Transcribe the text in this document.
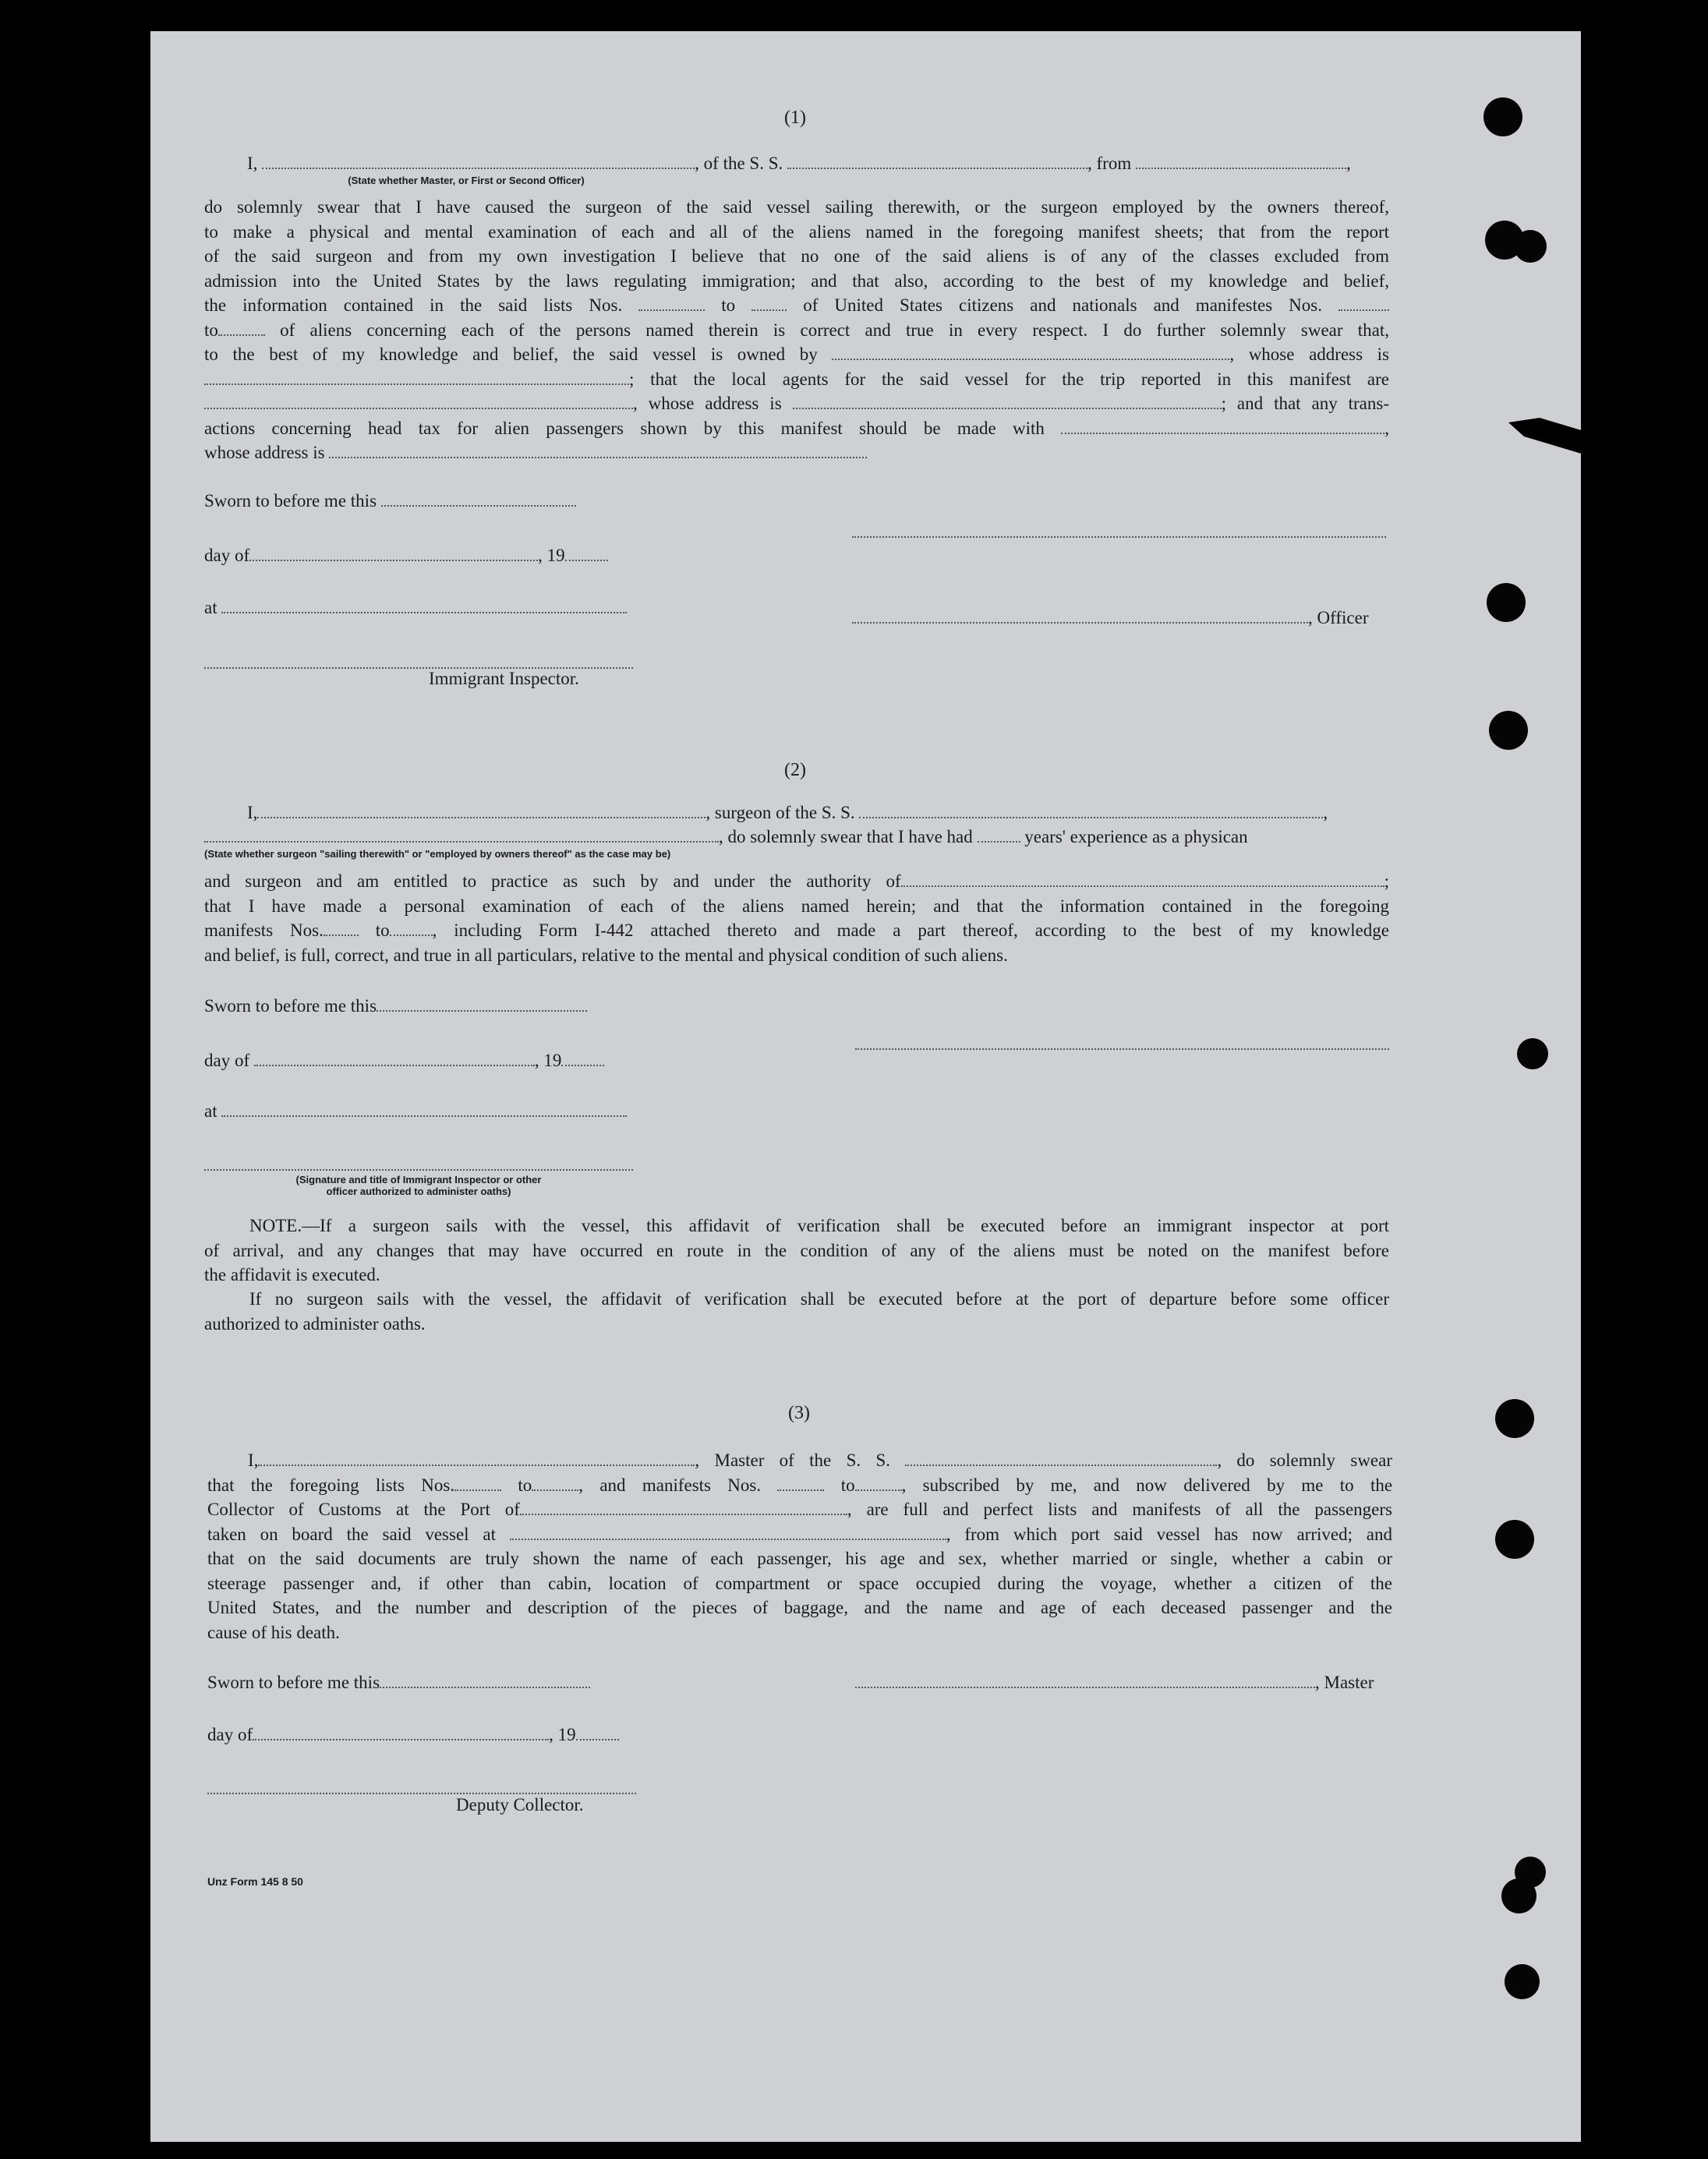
(1)
I,	, of the S. S.	, from	,
(State whether Master, or First or Second Officer)
do solemnly swear that I have caused the surgeon of the said vessel sailing therewith, or the surgeon employed by the owners thereof,
to make a physical and mental examination of each and all of the aliens named in the foregoing manifest sheets; that from the report
of the said surgeon and from my own investigation I believe that no one of the said aliens is of any of the classes excluded from
admission into the United States by the laws regulating immigration; and that also, according to the best of my knowledge and belief,
the information contained in the said lists Nos.	to	of United States citizens and nationals and manifestes Nos.
to	of aliens concerning each of the persons named therein is correct and true in every respect. I do further solemnly swear that,
to the best of my knowledge and belief, the said vessel is owned by	, whose address is
; that the local agents for the said vessel for the trip reported in this manifest are
, whose address is	; and that any trans-
actions concerning head tax for alien passengers shown by this manifest should be made with	,
whose address is
Sworn to before me this
day of	, 19
at
, Officer
Immigrant Inspector.
(2)
I,	, surgeon of the S. S.	,
, do solemnly swear that I have had	years' experience as a physican
(State whether surgeon "sailing therewith" or "employed by owners thereof" as the case may be)
and surgeon and am entitled to practice as such by and under the authority of	;
that I have made a personal examination of each of the aliens named herein; and that the information contained in the foregoing
manifests Nos.	to , including Form I-442 attached thereto and made a part thereof, according to the best of my knowledge
and belief, is full, correct, and true in all particulars, relative to the mental and physical condition of such aliens.
Sworn to before me this
day of	, 19
at
(Signature and title of Immigrant Inspector or other
officer authorized to administer oaths)
NOTE.—If a surgeon sails with the vessel, this affidavit of verification shall be executed before an immigrant inspector at port
of arrival, and any changes that may have occurred en route in the condition of any of the aliens must be noted on the manifest before
the affidavit is executed.
If no surgeon sails with the vessel, the affidavit of verification shall be executed before at the port of departure before some officer
authorized to administer oaths.
(3)
I,	, Master of the S. S.	, do solemnly swear
that the foregoing lists Nos.	to	, and manifests Nos.	to	, subscribed by me, and now delivered by me to the
Collector of Customs at the Port of	, are full and perfect lists and manifests of all the passengers
taken on board the said vessel at	, from which port said vessel has now arrived; and
that on the said documents are truly shown the name of each passenger, his age and sex, whether married or single, whether a cabin or
steerage passenger and, if other than cabin, location of compartment or space occupied during the voyage, whether a citizen of the
United States, and the number and description of the pieces of baggage, and the name and age of each deceased passenger and the
cause of his death.
Sworn to before me this	, Master
day of	, 19
Deputy Collector.
Unz Form 145 8 50
